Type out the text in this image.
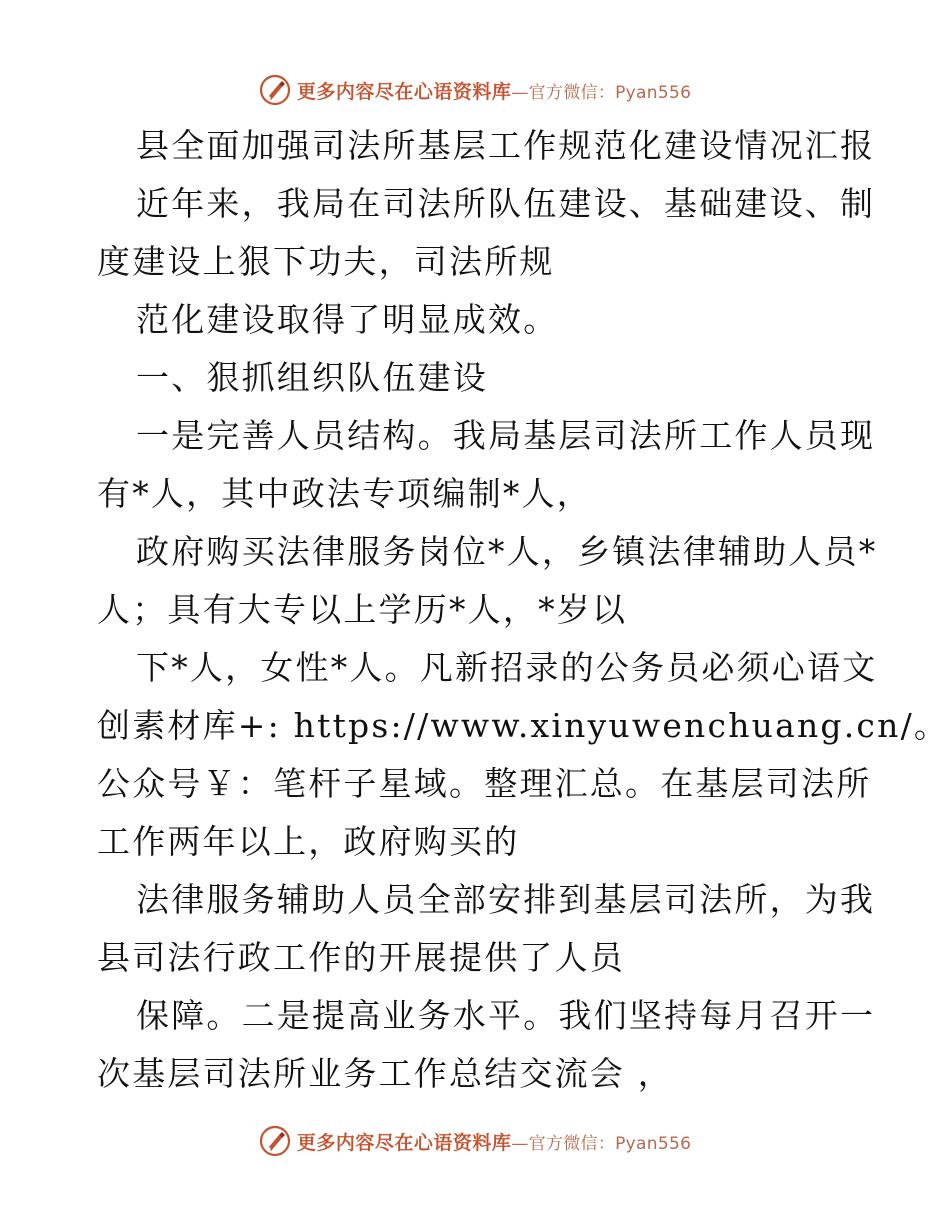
更多内容尽在心语资料库 —官方微信：Pyan556
县全面加强司法所基层工作规范化建设情况汇报
近年来，我局在司法所队伍建设、基础建设、制
度建设上狠下功夫，司法所规
范化建设取得了明显成效。
一、狠抓组织队伍建设
一是完善人员结构。我局基层司法所工作人员现
有*人，其中政法专项编制*人，
政府购买法律服务岗位*人，乡镇法律辅助人员*
人；具有大专以上学历*人，*岁以
下*人，女性*人。凡新招录的公务员必须心语文
创素材库+: https://www.xinyuwenchuang.cn/。
公众号￥：笔杆子星域。整理汇总。在基层司法所
工作两年以上，政府购买的
法律服务辅助人员全部安排到基层司法所，为我
县司法行政工作的开展提供了人员
保障。二是提高业务水平。我们坚持每月召开一
次基层司法所业务工作总结交流会 ，
更多内容尽在心语资料库 —官方微信：Pyan556
